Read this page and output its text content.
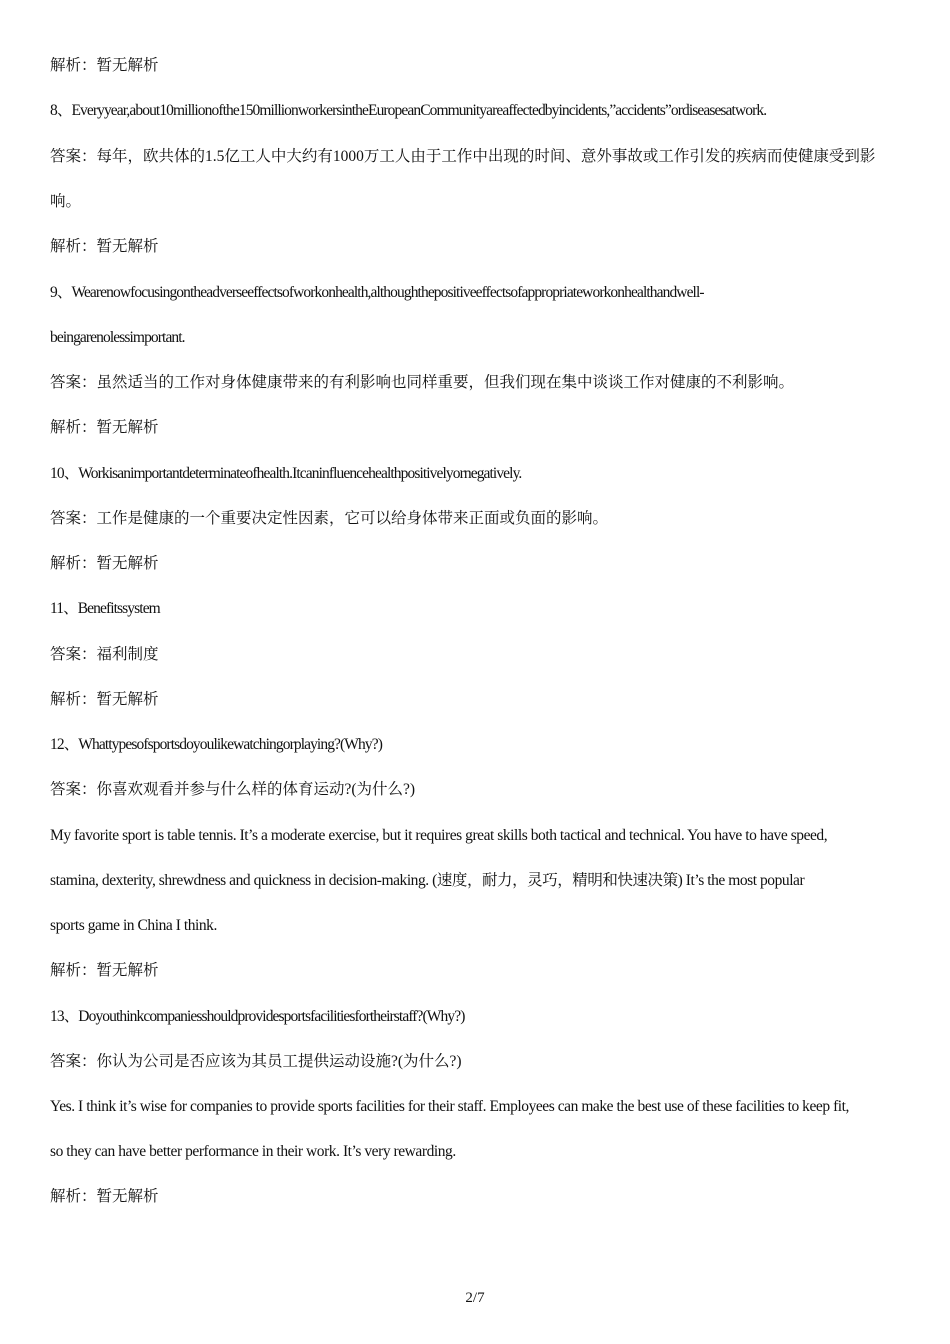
解析：暂无解析
8、Everyyear,about10millionofthe150millionworkersintheEuropeanCommunityareaffectedbyincidents,”accidents”ordiseasesatwork.
答案：每年，欧共体的1.5亿工人中大约有1000万工人由于工作中出现的时间、意外事故或工作引发的疾病而使健康受到影
响。
解析：暂无解析
9、Wearenowfocusingontheadverseeffectsofworkonhealth,althoughthepositiveeffectsofappropriateworkonhealthandwell-
beingarenolessimportant.
答案：虽然适当的工作对身体健康带来的有利影响也同样重要，但我们现在集中谈谈工作对健康的不利影响。
解析：暂无解析
10、Workisanimportantdeterminateofhealth.Itcaninfluencehealthpositivelyornegatively.
答案：工作是健康的一个重要决定性因素，它可以给身体带来正面或负面的影响。
解析：暂无解析
11、Benefitssystem
答案：福利制度
解析：暂无解析
12、Whattypesofsportsdoyoulikewatchingorplaying?(Why?)
答案：你喜欢观看并参与什么样的体育运动?(为什么?)
My favorite sport is table tennis. It’s a moderate exercise, but it requires great skills both tactical and technical. You have to have speed,
stamina, dexterity, shrewdness and quickness in decision-making. (速度，耐力，灵巧，精明和快速决策) It’s the most popular
sports game in China I think.
解析：暂无解析
13、Doyouthinkcompaniesshouldprovidesportsfacilitiesfortheirstaff?(Why?)
答案：你认为公司是否应该为其员工提供运动设施?(为什么?)
Yes. I think it’s wise for companies to provide sports facilities for their staff. Employees can make the best use of these facilities to keep fit,
so they can have better performance in their work. It’s very rewarding.
解析：暂无解析
2/7
